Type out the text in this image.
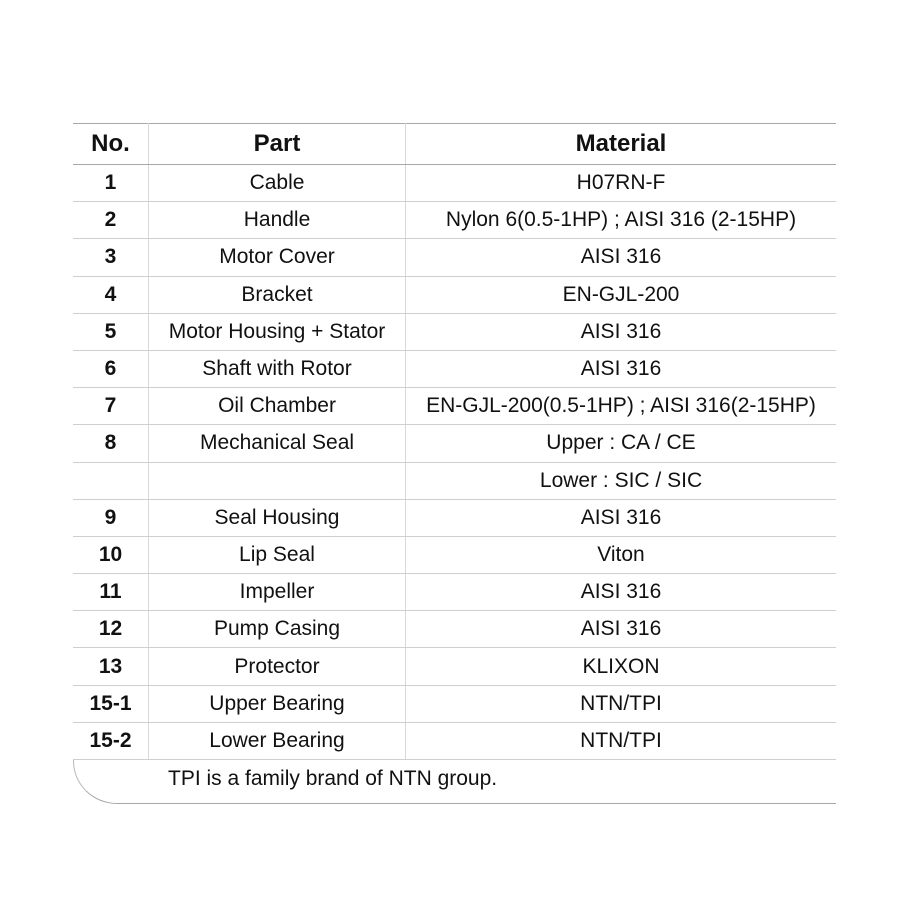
No.	Part	Material
1	Cable	H07RN-F
2	Handle	Nylon 6(0.5-1HP) ; AISI 316 (2-15HP)
3	Motor Cover	AISI 316
4	Bracket	EN-GJL-200
5	Motor Housing + Stator	AISI 316
6	Shaft with Rotor	AISI 316
7	Oil Chamber	EN-GJL-200(0.5-1HP) ; AISI 316(2-15HP)
8	Mechanical Seal	Upper : CA / CE
		Lower : SIC / SIC
9	Seal Housing	AISI 316
10	Lip Seal	Viton
11	Impeller	AISI 316
12	Pump Casing	AISI 316
13	Protector	KLIXON
15-1	Upper Bearing	NTN/TPI
15-2	Lower Bearing	NTN/TPI
TPI is a family brand of NTN group.
